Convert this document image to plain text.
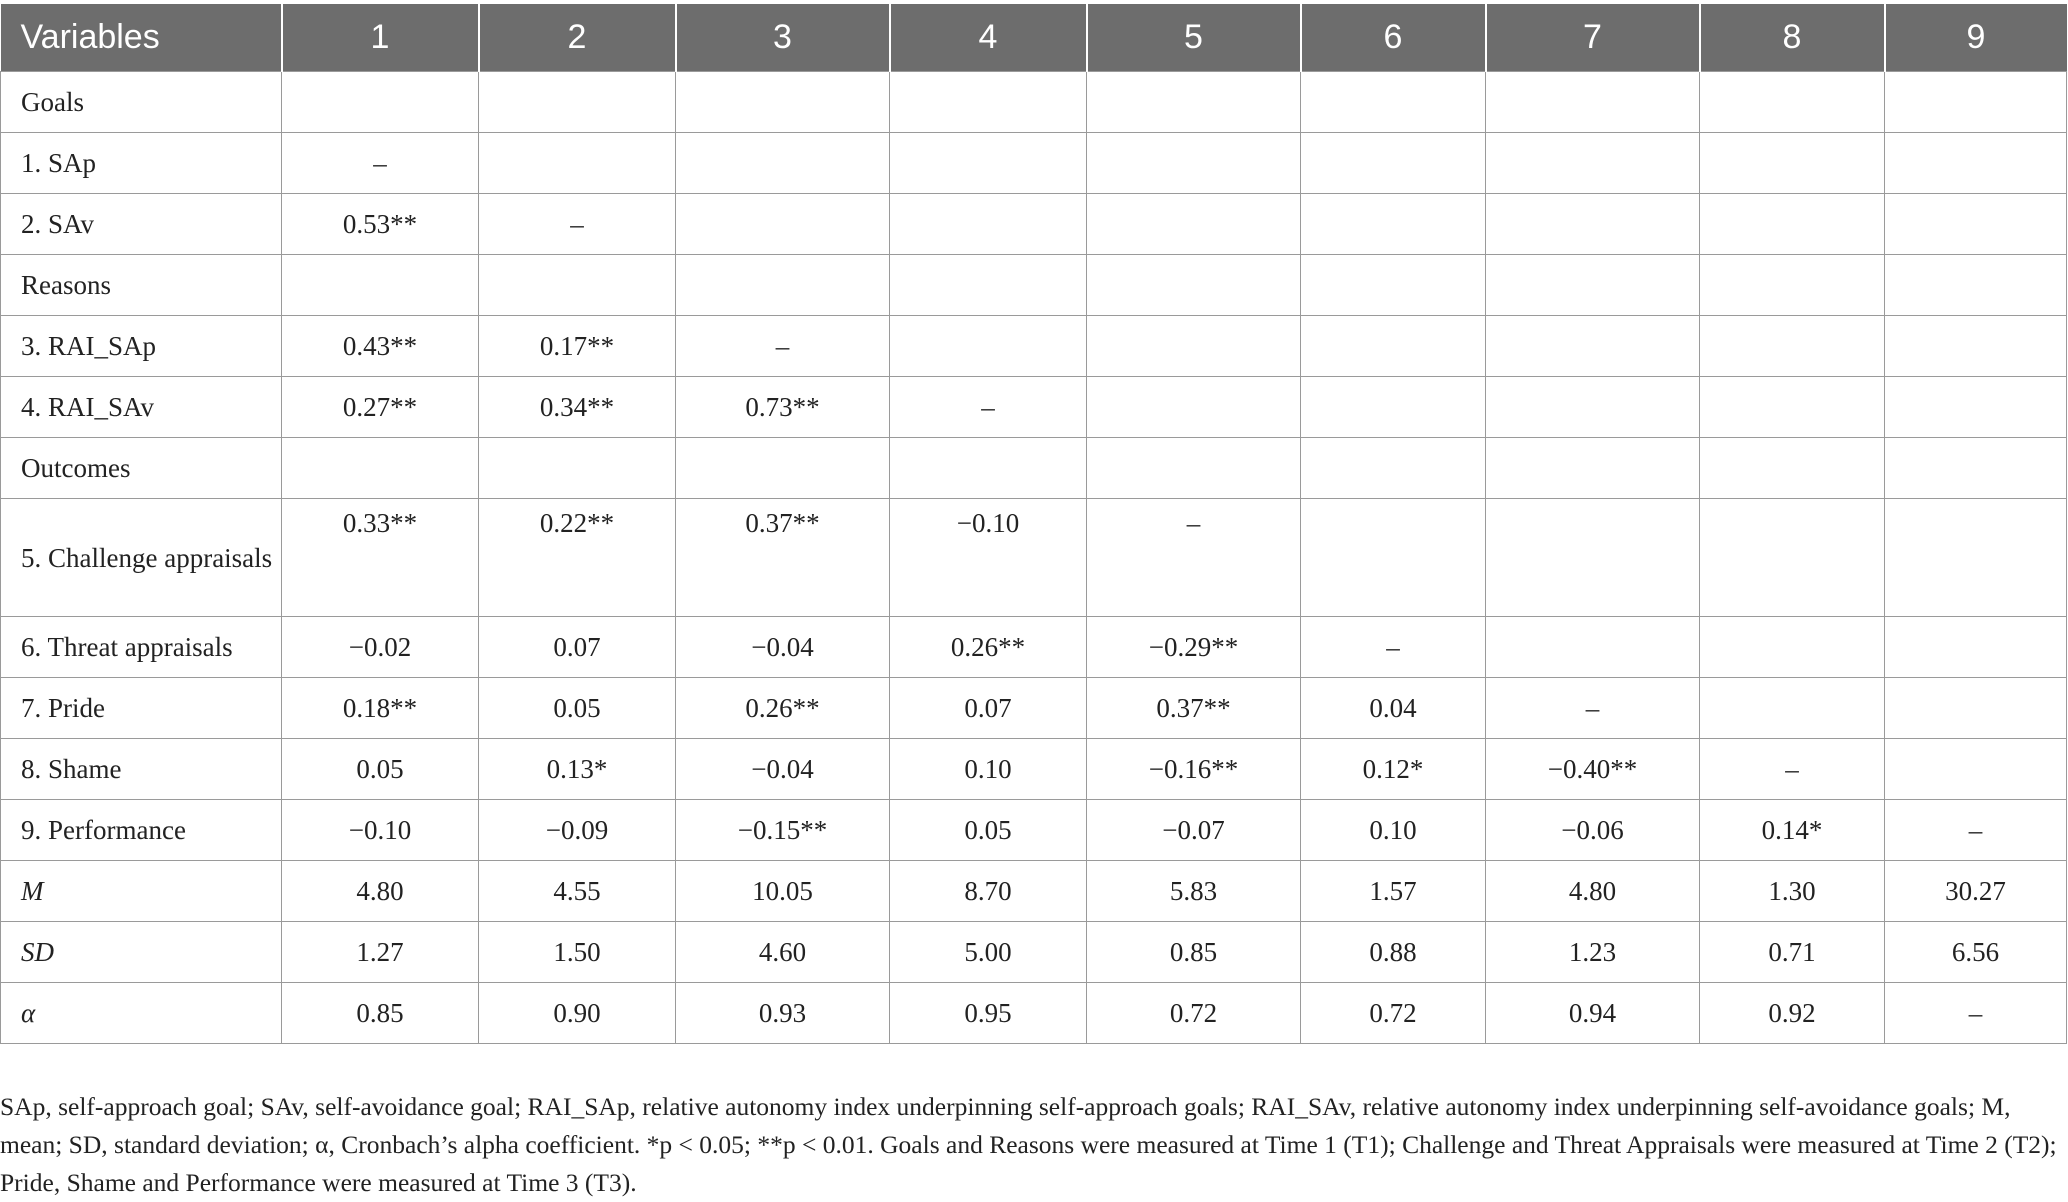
Variables	1	2	3	4	5	6	7	8	9
Goals									
1. SAp	–								
2. SAv	0.53**	–							
Reasons									
3. RAI_SAp	0.43**	0.17**	–						
4. RAI_SAv	0.27**	0.34**	0.73**	–					
Outcomes									
5. Challenge appraisals	0.33**	0.22**	0.37**	−0.10	–				
6. Threat appraisals	−0.02	0.07	−0.04	0.26**	−0.29**	–			
7. Pride	0.18**	0.05	0.26**	0.07	0.37**	0.04	–		
8. Shame	0.05	0.13*	−0.04	0.10	−0.16**	0.12*	−0.40**	–	
9. Performance	−0.10	−0.09	−0.15**	0.05	−0.07	0.10	−0.06	0.14*	–
M	4.80	4.55	10.05	8.70	5.83	1.57	4.80	1.30	30.27
SD	1.27	1.50	4.60	5.00	0.85	0.88	1.23	0.71	6.56
α	0.85	0.90	0.93	0.95	0.72	0.72	0.94	0.92	–
SAp, self-approach goal; SAv, self-avoidance goal; RAI_SAp, relative autonomy index underpinning self-approach goals; RAI_SAv, relative autonomy index underpinning self-avoidance goals; M, mean; SD, standard deviation; α, Cronbach’s alpha coefficient. *p < 0.05; **p < 0.01. Goals and Reasons were measured at Time 1 (T1); Challenge and Threat Appraisals were measured at Time 2 (T2); Pride, Shame and Performance were measured at Time 3 (T3).
